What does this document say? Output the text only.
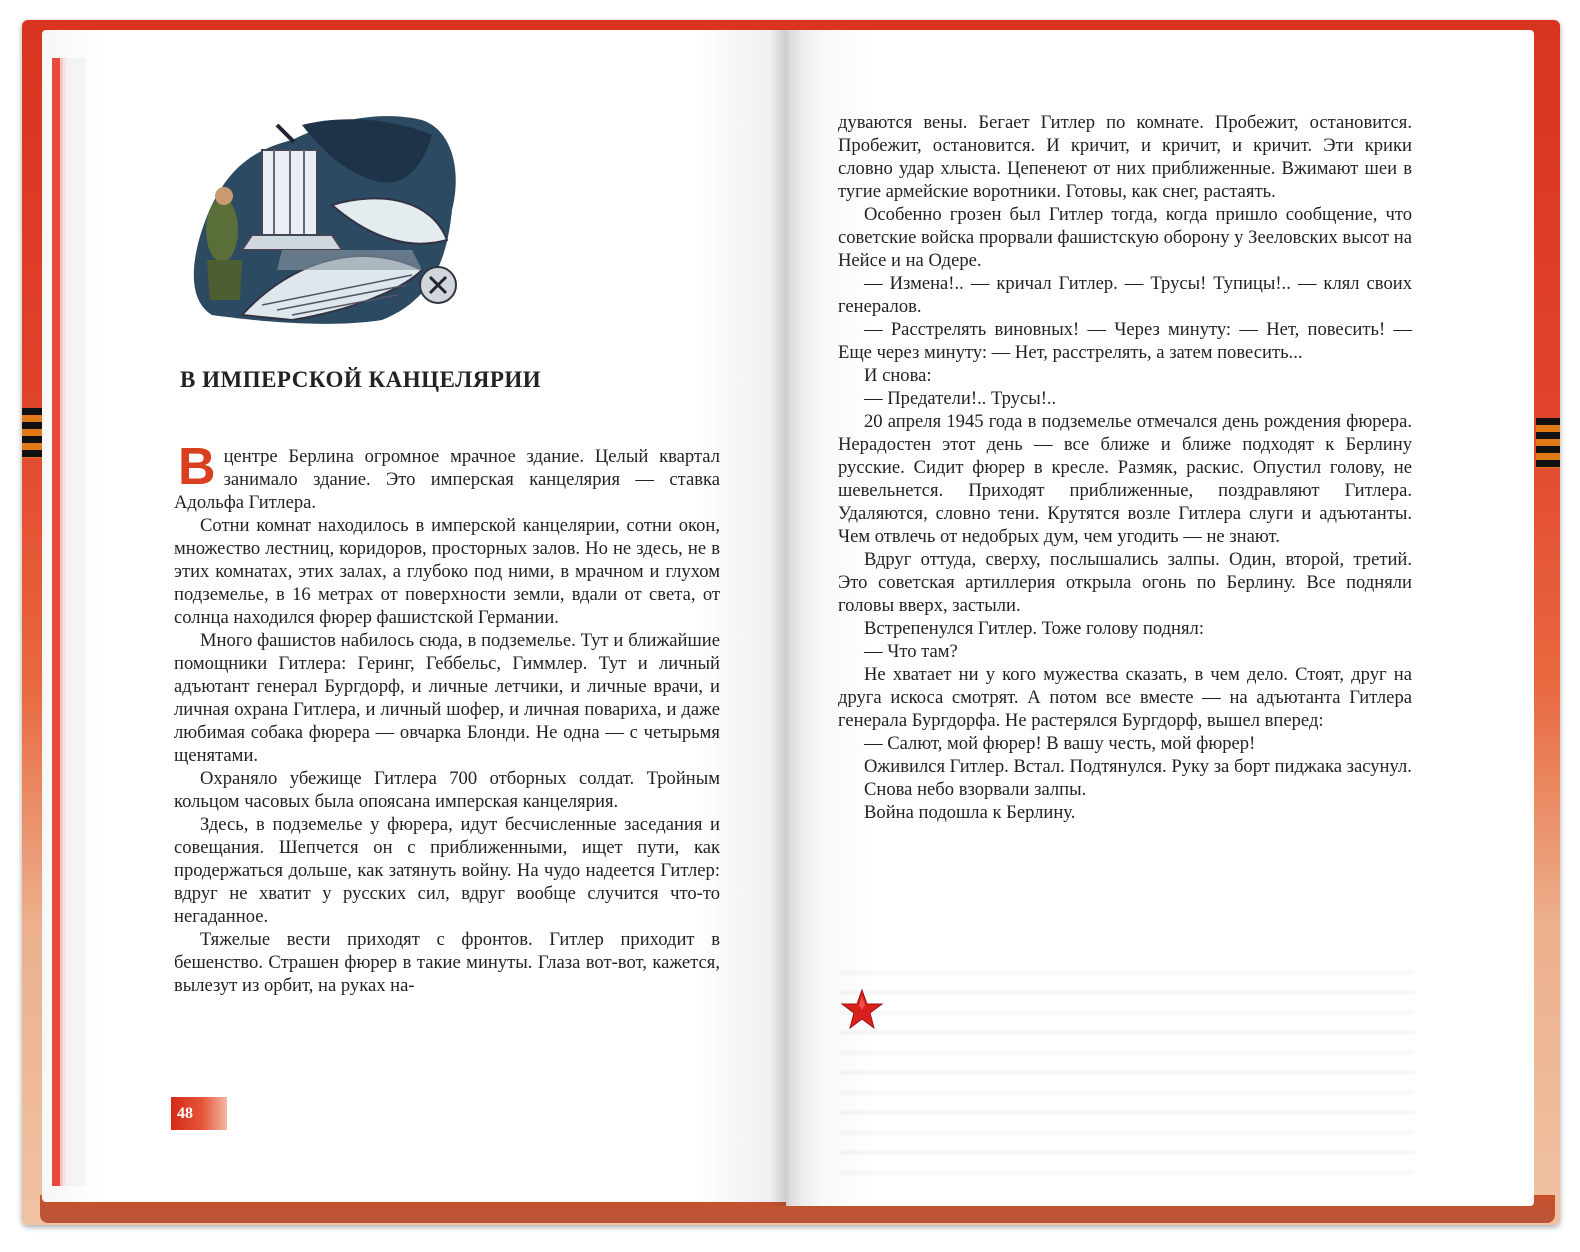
В ИМПЕРСКОЙ КАНЦЕЛЯРИИ

Вцентре Берлина огромное мрачное здание. Целый квартал занимало здание. Это имперская канцелярия — ставка Адольфа Гитлера.

Сотни комнат находилось в имперской канцелярии, сотни окон, множество лестниц, коридоров, просторных залов. Но не здесь, не в этих комнатах, этих залах, а глубоко под ними, в мрачном и глухом подземелье, в 16 метрах от поверхности земли, вдали от света, от солнца находился фюрер фашистской Германии.

Много фашистов набилось сюда, в подземелье. Тут и ближайшие помощники Гитлера: Геринг, Геббельс, Гиммлер. Тут и личный адъютант генерал Бургдорф, и личные летчики, и личные врачи, и личная охрана Гитлера, и личный шофер, и личная повариха, и даже любимая собака фюрера — овчарка Блонди. Не одна — с четырьмя щенятами.

Охраняло убежище Гитлера 700 отборных солдат. Тройным кольцом часовых была опоясана имперская канцелярия.

Здесь, в подземелье у фюрера, идут бесчисленные заседания и совещания. Шепчется он с приближенными, ищет пути, как продержаться дольше, как затянуть войну. На чудо надеется Гитлер: вдруг не хватит у русских сил, вдруг вообще случится что-то негаданное.

Тяжелые вести приходят с фронтов. Гитлер приходит в бешенство. Страшен фюрер в такие минуты. Глаза вот-вот, кажется, вылезут из орбит, на руках на-

48

дуваются вены. Бегает Гитлер по комнате. Пробежит, остановится. Пробежит, остановится. И кричит, и кричит, и кричит. Эти крики словно удар хлыста. Цепенеют от них приближенные. Вжимают шеи в тугие армейские воротники. Готовы, как снег, растаять.

Особенно грозен был Гитлер тогда, когда пришло сообщение, что советские войска прорвали фашистскую оборону у Зееловских высот на Нейсе и на Одере.

— Измена!.. — кричал Гитлер. — Трусы! Тупицы!.. — клял своих генералов.

— Расстрелять виновных! — Через минуту: — Нет, повесить! — Еще через минуту: — Нет, расстрелять, а затем повесить...

И снова:

— Предатели!.. Трусы!..

20 апреля 1945 года в подземелье отмечался день рождения фюрера. Нерадостен этот день — все ближе и ближе подходят к Берлину русские. Сидит фюрер в кресле. Размяк, раскис. Опустил голову, не шевельнется. Приходят приближенные, поздравляют Гитлера. Удаляются, словно тени. Крутятся возле Гитлера слуги и адъютанты. Чем отвлечь от недобрых дум, чем угодить — не знают.

Вдруг оттуда, сверху, послышались залпы. Один, второй, третий. Это советская артиллерия открыла огонь по Берлину. Все подняли головы вверх, застыли.

Встрепенулся Гитлер. Тоже голову поднял:

— Что там?

Не хватает ни у кого мужества сказать, в чем дело. Стоят, друг на друга искоса смотрят. А потом все вместе — на адъютанта Гитлера генерала Бургдорфа. Не растерялся Бургдорф, вышел вперед:

— Салют, мой фюрер! В вашу честь, мой фюрер!

Оживился Гитлер. Встал. Подтянулся. Руку за борт пиджака засунул.

Снова небо взорвали залпы.

Война подошла к Берлину.
